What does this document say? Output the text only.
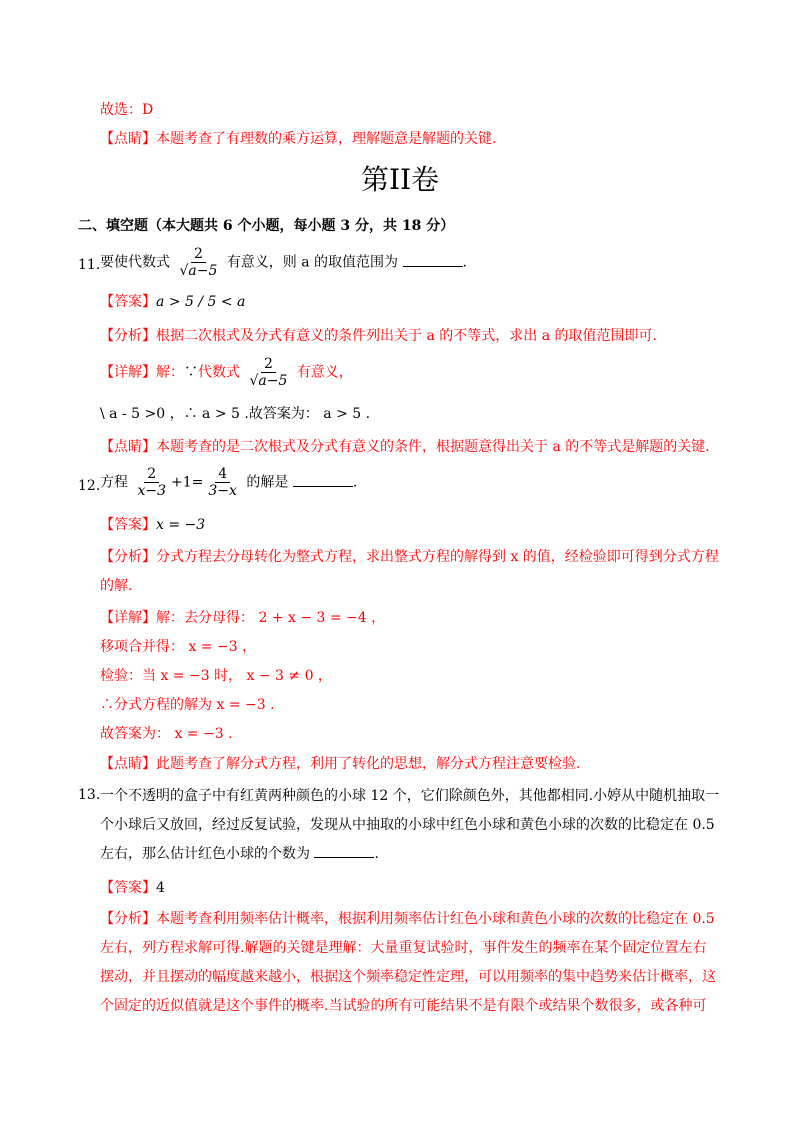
故选：D
【点睛】本题考查了有理数的乘方运算，理解题意是解题的关键.
第II卷
二、填空题（本大题共 6 个小题，每小题 3 分，共 18 分）
11. 要使代数式 $\frac{2}{√a-5}$ 有意义，则 a 的取值范围为	.
【答案】a > 5 / 5 < a
【分析】根据二次根式及分式有意义的条件列出关于 a 的不等式，求出 a 的取值范围即可.
【详解】解：∵代数式 $\frac{2}{√a-5}$ 有意义，
\ a - 5 >0 ，∴ a > 5 .故答案为： a > 5 .
【点睛】本题考查的是二次根式及分式有意义的条件，根据题意得出关于 a 的不等式是解题的关键.
12. 方程 $\frac{2}{x-3} +1= \frac{4}{3-x}$ 的解是	.
【答案】x = −3
【分析】分式方程去分母转化为整式方程，求出整式方程的解得到 x 的值，经检验即可得到分式方程的解.
【详解】解：去分母得： 2 + x − 3 = −4 ，
移项合并得： x = −3 ，
检验：当 x = −3 时， x − 3 ≠ 0 ，
∴分式方程的解为 x = −3 .
故答案为： x = −3 .
【点睛】此题考查了解分式方程，利用了转化的思想，解分式方程注意要检验.
13. 一个不透明的盒子中有红黄两种颜色的小球 12 个，它们除颜色外，其他都相同.小婷从中随机抽取一个小球后又放回，经过反复试验，发现从中抽取的小球中红色小球和黄色小球的次数的比稳定在 0.5 左右，那么估计红色小球的个数为	.
【答案】4
【分析】本题考查利用频率估计概率，根据利用频率估计红色小球和黄色小球的次数的比稳定在 0.5 左右，列方程求解可得.解题的关键是理解：大量重复试验时，事件发生的频率在某个固定位置左右摆动，并且摆动的幅度越来越小，根据这个频率稳定性定理，可以用频率的集中趋势来估计概率，这个固定的近似值就是这个事件的概率.当试验的所有可能结果不是有限个或结果个数很多，或各种可
